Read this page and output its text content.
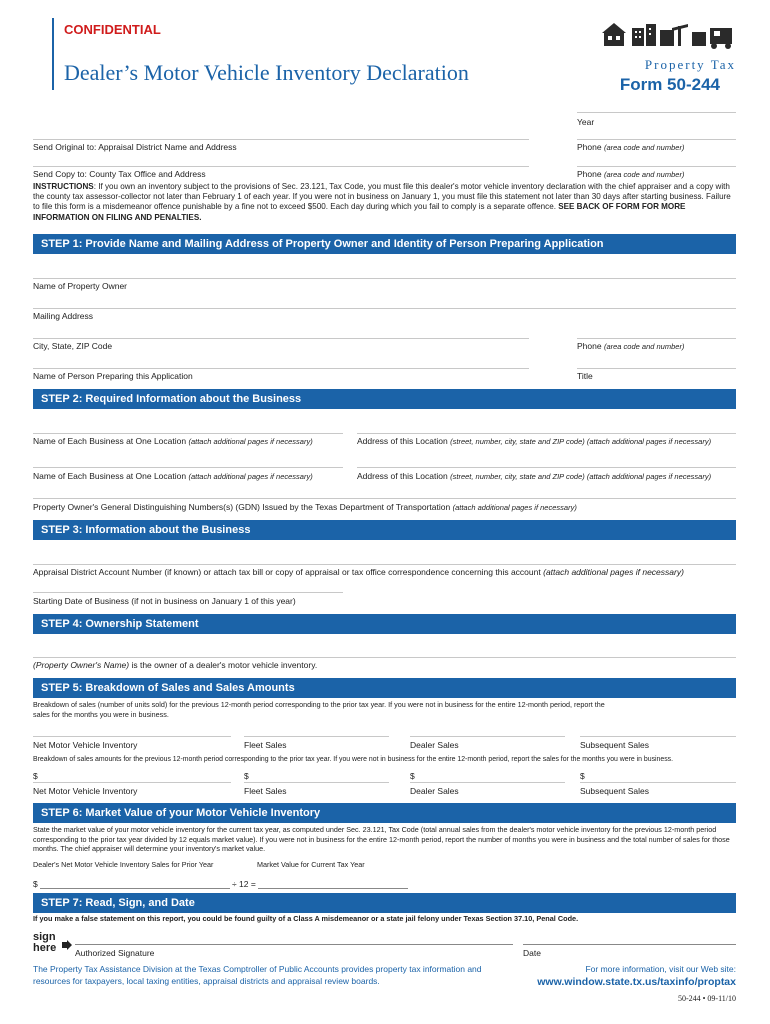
CONFIDENTIAL
Dealer’s Motor Vehicle Inventory Declaration	Property Tax
Form 50-244
Year
Send Original to: Appraisal District Name and Address	Phone (area code and number)
Send Copy to: County Tax Office and Address	Phone (area code and number)
INSTRUCTIONS: If you own an inventory subject to the provisions of Sec. 23.121, Tax Code, you must file this dealer's motor vehicle inventory declaration with the chief appraiser and a copy with the county tax assessor-collector not later than February 1 of each year. If you were not in business on January 1, you must file this statement not later than 30 days after starting business. Failure to file this form is a misdemeanor offence punishable by a fine not to exceed $500. Each day during which you fail to comply is a separate offence. SEE BACK OF FORM FOR MORE INFORMATION ON FILING AND PENALTIES.
STEP 1: Provide Name and Mailing Address of Property Owner and Identity of Person Preparing Application
Name of Property Owner
Mailing Address
City, State, ZIP Code	Phone (area code and number)
Name of Person Preparing this Application	Title
STEP 2: Required Information about the Business
Name of Each Business at One Location (attach additional pages if necessary)	Address of this Location (street, number, city, state and ZIP code) (attach additional pages if necessary)
Name of Each Business at One Location (attach additional pages if necessary)	Address of this Location (street, number, city, state and ZIP code) (attach additional pages if necessary)
Property Owner's General Distinguishing Numbers(s) (GDN) Issued by the Texas Department of Transportation (attach additional pages if necessary)
STEP 3: Information about the Business
Appraisal District Account Number (if known) or attach tax bill or copy of appraisal or tax office correspondence concerning this account (attach additional pages if necessary)
Starting Date of Business (if not in business on January 1 of this year)
STEP 4: Ownership Statement
(Property Owner's Name) is the owner of a dealer's motor vehicle inventory.
STEP 5: Breakdown of Sales and Sales Amounts
Breakdown of sales (number of units sold) for the previous 12-month period corresponding to the prior tax year. If you were not in business for the entire 12-month period, report the sales for the months you were in business.
Net Motor Vehicle Inventory	Fleet Sales	Dealer Sales	Subsequent Sales
Breakdown of sales amounts for the previous 12-month period corresponding to the prior tax year. If you were not in business for the entire 12-month period, report the sales for the months you were in business.
$	$	$	$
Net Motor Vehicle Inventory	Fleet Sales	Dealer Sales	Subsequent Sales
STEP 6: Market Value of your Motor Vehicle Inventory
State the market value of your motor vehicle inventory for the current tax year, as computed under Sec. 23.121, Tax Code (total annual sales from the dealer's motor vehicle inventory for the previous 12-month period corresponding to the prior tax year divided by 12 equals market value). If you were not in business for the entire 12-month period, report the number of months you were in business and the total number of sales for those months. The chief appraiser will determine your inventory's market value.
Dealer's Net Motor Vehicle Inventory Sales for Prior Year	Market Value for Current Tax Year
$	÷ 12 =
STEP 7: Read, Sign, and Date
If you make a false statement on this report, you could be found guilty of a Class A misdemeanor or a state jail felony under Texas Section 37.10, Penal Code.
sign
here Authorized Signature	Date
The Property Tax Assistance Division at the Texas Comptroller of Public Accounts provides property tax information and resources for taxpayers, local taxing entities, appraisal districts and appraisal review boards.
For more information, visit our Web site:
www.window.state.tx.us/taxinfo/proptax
50-244 • 09-11/10
